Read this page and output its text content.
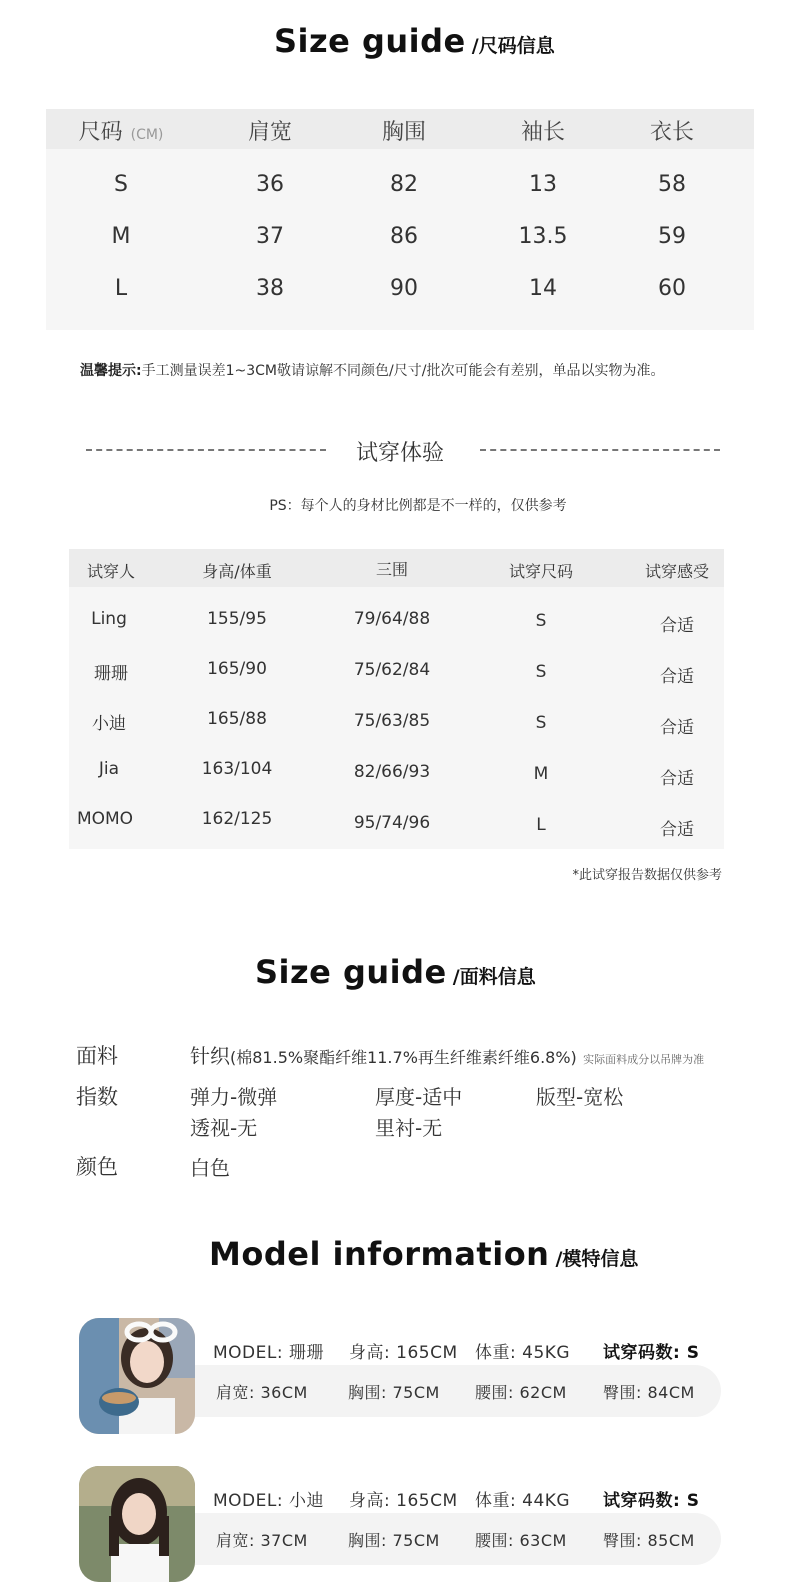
Size guide /尺码信息
尺码 (CM)	肩宽	胸围	袖长	衣长
S	36	82	13	58
M	37	86	13.5	59
L	38	90	14	60
温馨提示:手工测量误差1~3CM敬请谅解不同颜色/尺寸/批次可能会有差别，单品以实物为准。
试穿体验
PS：每个人的身材比例都是不一样的，仅供参考
试穿人	身高/体重	三围	试穿尺码	试穿感受
Ling	155/95	79/64/88	S	合适
珊珊	165/90	75/62/84	S	合适
小迪	165/88	75/63/85	S	合适
Jia	163/104	82/66/93	M	合适
MOMO	162/125	95/74/96	L	合适
*此试穿报告数据仅供参考
Size guide /面料信息
面料	针织(棉81.5%聚酯纤维11.7%再生纤维素纤维6.8%) 实际面料成分以吊牌为准
指数	弹力-微弹	厚度-适中	版型-宽松
透视-无	里衬-无
颜色	白色
Model information /模特信息
MODEL: 珊珊 身高: 165CM 体重: 45KG 试穿码数: S
肩宽: 36CM	胸围: 75CM 腰围: 62CM 臀围: 84CM
MODEL: 小迪 身高: 165CM 体重: 44KG 试穿码数: S
肩宽: 37CM	胸围: 75CM 腰围: 63CM 臀围: 85CM
